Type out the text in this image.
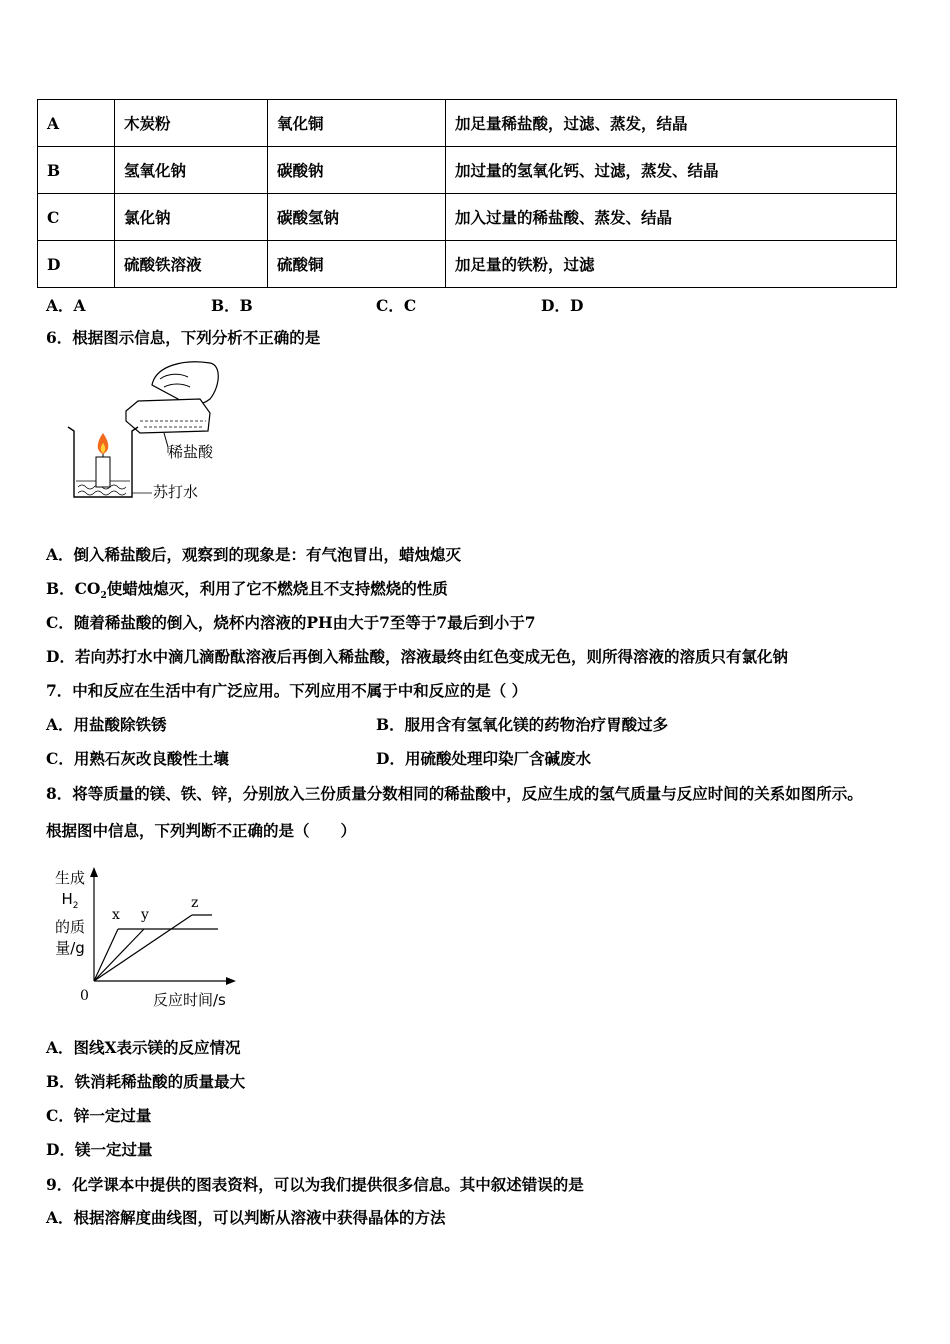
A	木炭粉	氧化铜	加足量稀盐酸，过滤、蒸发，结晶
B	氢氧化钠	碳酸钠	加过量的氢氧化钙、过滤，蒸发、结晶
C	氯化钠	碳酸氢钠	加入过量的稀盐酸、蒸发、结晶
D	硫酸铁溶液	硫酸铜	加足量的铁粉，过滤
A．A	B．B	C．C	D．D
6．根据图示信息，下列分析不正确的是
稀盐酸
苏打水
A．倒入稀盐酸后，观察到的现象是：有气泡冒出，蜡烛熄灭
B．$CO_2$使蜡烛熄灭，利用了它不燃烧且不支持燃烧的性质
C．随着稀盐酸的倒入，烧杯内溶液的PH由大于7至等于7最后到小于7
D．若向苏打水中滴几滴酚酞溶液后再倒入稀盐酸，溶液最终由红色变成无色，则所得溶液的溶质只有氯化钠
7．中和反应在生活中有广泛应用。下列应用不属于中和反应的是（ ）
A．用盐酸除铁锈	B．服用含有氢氧化镁的药物治疗胃酸过多
C．用熟石灰改良酸性土壤	D．用硫酸处理印染厂含碱废水
8．将等质量的镁、铁、锌，分别放入三份质量分数相同的稀盐酸中，反应生成的氢气质量与反应时间的关系如图所示。
根据图中信息，下列判断不正确的是（　　）
生成
$H_2$
的质
量/g
x y
z
0	反应时间/s
A．图线X表示镁的反应情况
B．铁消耗稀盐酸的质量最大
C．锌一定过量
D．镁一定过量
9．化学课本中提供的图表资料，可以为我们提供很多信息。其中叙述错误的是
A．根据溶解度曲线图，可以判断从溶液中获得晶体的方法
